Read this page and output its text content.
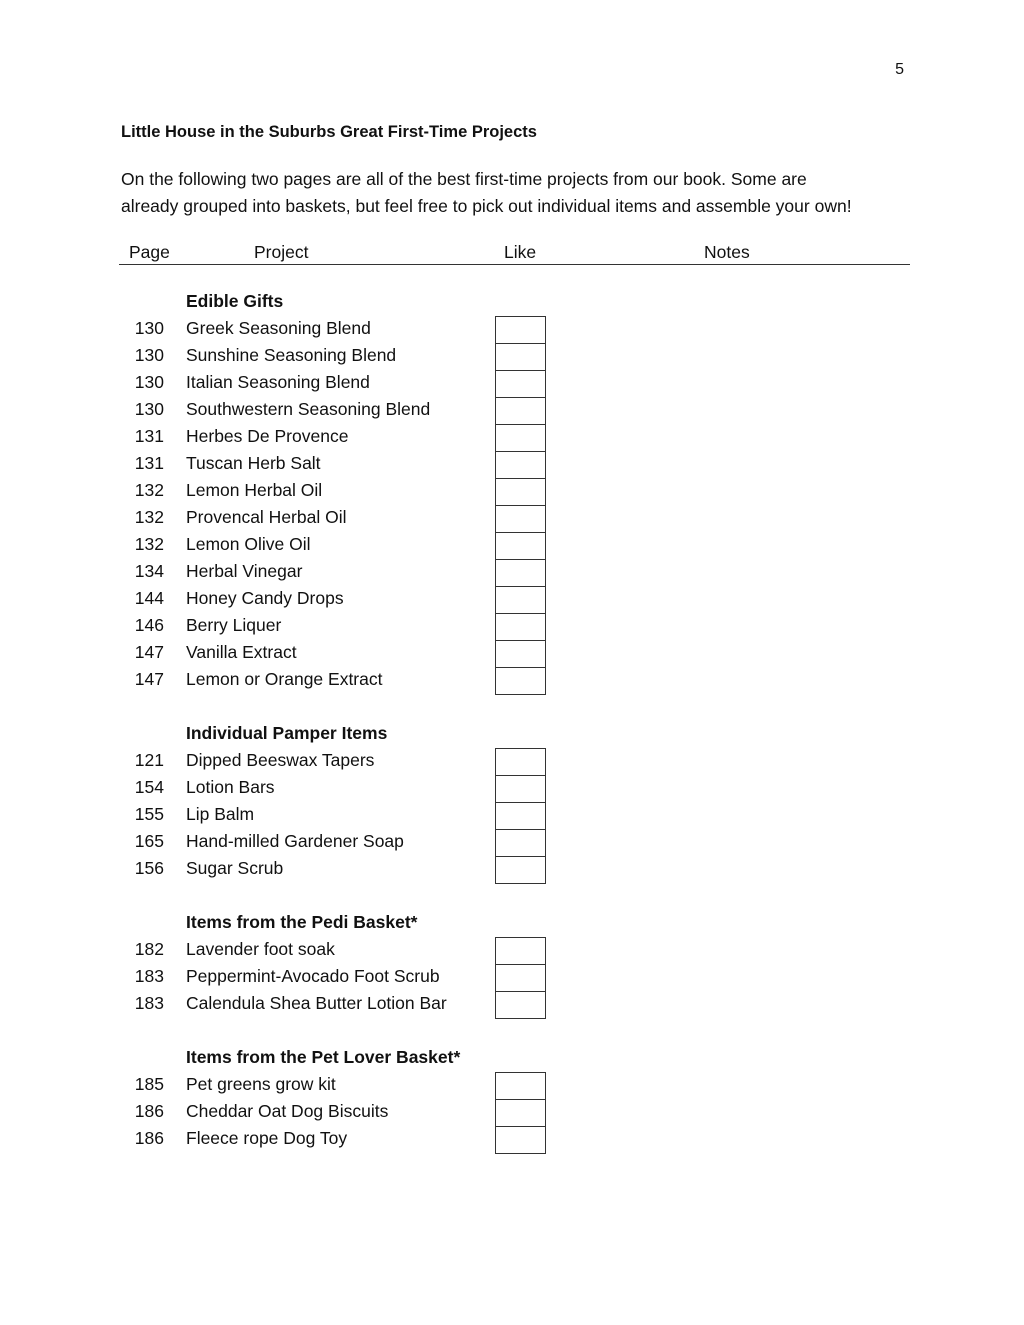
5
Little House in the Suburbs Great First-Time Projects

On the following two pages are all of the best first-time projects from our book. Some are

already grouped into baskets, but feel free to pick out individual items and assemble your own!

Page	Project	Like	Notes
Edible Gifts
130 Greek Seasoning Blend
130 Sunshine Seasoning Blend
130 Italian Seasoning Blend
130 Southwestern Seasoning Blend
131 Herbes De Provence
131 Tuscan Herb Salt
132 Lemon Herbal Oil
132 Provencal Herbal Oil
132 Lemon Olive Oil
134 Herbal Vinegar
144 Honey Candy Drops
146 Berry Liquer
147 Vanilla Extract
147 Lemon or Orange Extract
Individual Pamper Items
121 Dipped Beeswax Tapers
154 Lotion Bars
155 Lip Balm
165 Hand-milled Gardener Soap
156 Sugar Scrub
Items from the Pedi Basket*
182 Lavender foot soak
183 Peppermint-Avocado Foot Scrub
183 Calendula Shea Butter Lotion Bar
Items from the Pet Lover Basket*
185 Pet greens grow kit
186 Cheddar Oat Dog Biscuits
186 Fleece rope Dog Toy
